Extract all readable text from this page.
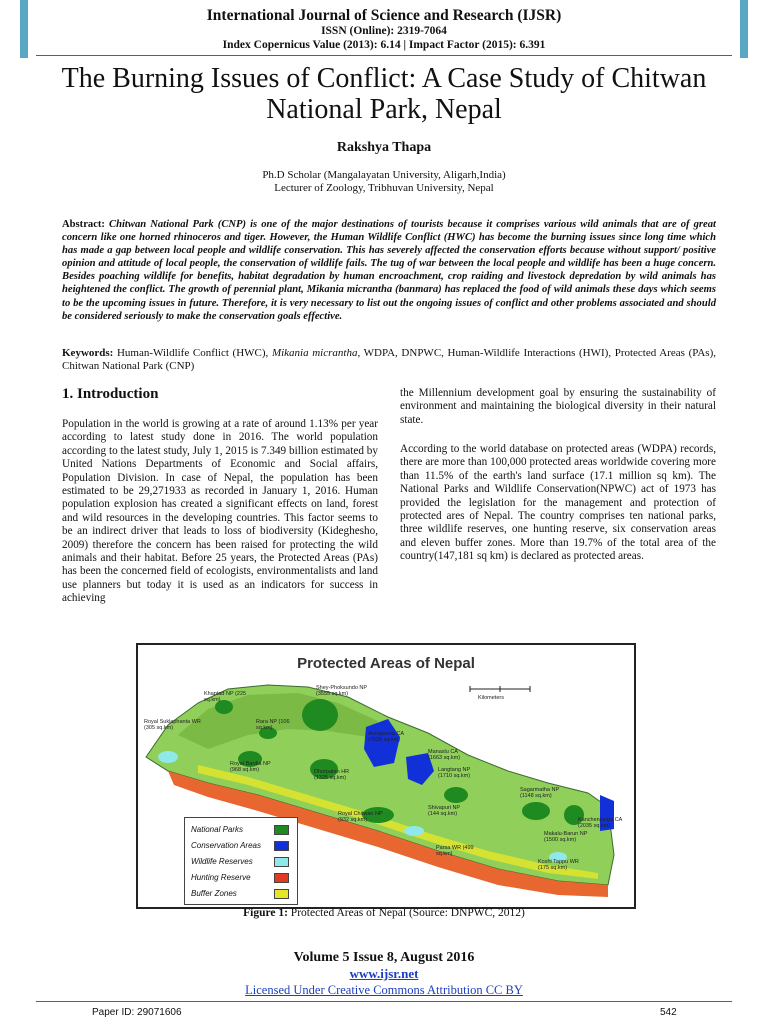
International Journal of Science and Research (IJSR)
ISSN (Online): 2319-7064
Index Copernicus Value (2013): 6.14 | Impact Factor (2015): 6.391
The Burning Issues of Conflict: A Case Study of Chitwan National Park, Nepal
Rakshya Thapa
Ph.D Scholar (Mangalayatan University, Aligarh,India)
Lecturer of Zoology, Tribhuvan University, Nepal
Abstract: Chitwan National Park (CNP) is one of the major destinations of tourists because it comprises various wild animals that are of great concern like one horned rhinoceros and tiger. However, the Human Wildlife Conflict (HWC) has become the burning issues since long time which has made a gap between local people and wildlife conservation. This has severely affected the conservation efforts because without support/ positive opinion and attitude of local people, the conservation of wildlife fails. The tug of war between the local people and wildlife has been a huge concern. Besides poaching wildlife for benefits, habitat degradation by human encroachment, crop raiding and livestock depredation by wild animals has heightened the conflict. The growth of perennial plant, Mikania micrantha (banmara) has replaced the food of wild animals these days which seems to be the upcoming issues in future. Therefore, it is very necessary to list out the ongoing issues of conflict and other problems associated and should be considered seriously to make the conservation goals effective.
Keywords: Human-Wildlife Conflict (HWC), Mikania micrantha, WDPA, DNPWC, Human-Wildlife Interactions (HWI), Protected Areas (PAs), Chitwan National Park (CNP)
1. Introduction
Population in the world is growing at a rate of around 1.13% per year according to latest study done in 2016. The world population according to the latest study, July 1, 2015 is 7.349 billion estimated by United Nations Departments of Economic and Social affairs, Population Division. In case of Nepal, the population has been estimated to be 29,271933 as recorded in January 1, 2016. Human population explosion has created a significant effects on land, forest and wild resources in the developing countries. This factor seems to be an indirect driver that leads to loss of biodiversity (Kideghesho, 2009) therefore the concern has been raised for protecting the wild animals and their habitat. Before 25 years, the Protected Areas (PAs) has been the concerned field of ecologists, environmentalists and land use planners but today it is used as an indicators for success in achieving
the Millennium development goal by ensuring the sustainability of environment and maintaining the biological diversity in their natural state.
According to the world database on protected areas (WDPA) records, there are more than 100,000 protected areas worldwide covering more than 11.5% of the earth's land surface (17.1 million sq km). The National Parks and Wildlife Conservation(NPWC) act of 1973 has provided the legislation for the management and protection of protected ares of Nepal. The country comprises ten national parks, three wildlife reserves, one hunting reserve, six conservation areas and eleven buffer zones. More than 19.7% of the total area of the country(147,181 sq km) is declared as protected areas.
Protected Areas of Nepal
Kilometers
Shey-Phoksundo NP (3555 sq.km)
Khaptad NP (225 sq.km)
Royal Suklaphanta WR (305 sq.km)
Rara NP (106 sq.km)
Annapurna CA (7629 sq.km)
Manaslu CA (1663 sq.km)
Langtang NP (1710 sq.km)
Royal Bardia NP (968 sq.km)	Dhorpatan HR (1325 sq.km)
Sagarmatha NP (1148 sq.km)
Kanchenjunga CA (2035 sq.km)
Royal Chitwan NP (932 sq.km)
Shivapuri NP (144 sq.km)
Makalu-Barun NP (1500 sq.km)
Parsa WR (499 sq.km)
Koshi Tappu WR (175 sq.km)
National Parks
Conservation Areas
Wildlife Reserves
Hunting Reserve
Buffer Zones
Figure 1: Protected Areas of Nepal (Source: DNPWC, 2012)
Volume 5 Issue 8, August 2016
www.ijsr.net
Licensed Under Creative Commons Attribution CC BY
Paper ID: 29071606	542
